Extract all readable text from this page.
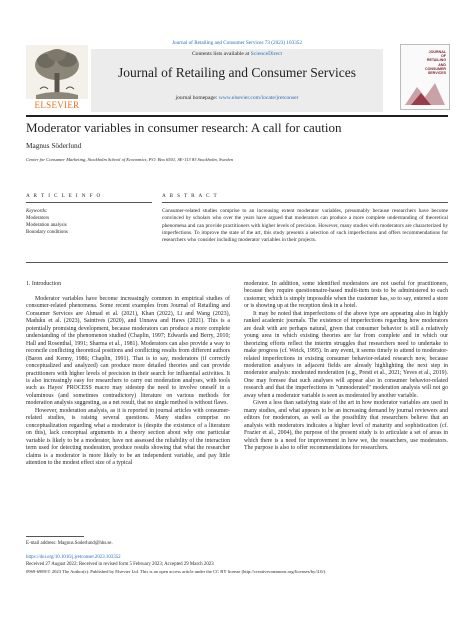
Journal of Retailing and Consumer Services 73 (2023) 103352
ELSEVIER
Contents lists available at ScienceDirect
Journal of Retailing and Consumer Services
journal homepage: www.elsevier.com/locate/jretconser
JOURNAL
OF
RETAILING
AND
CONSUMER
SERVICES
Moderator variables in consumer research: A call for caution
Magnus Söderlund
Center for Consumer Marketing, Stockholm School of Economics, P.O. Box 6501, SE-113 83 Stockholm, Sweden
A R T I C L E I N F O
Keywords:
Moderators
Moderation analysis
Boundary conditions
A B S T R A C T
Consumer-related studies comprise to an increasing extent moderator variables, presumably because researchers have become convinced by scholars who over the years have argued that moderators can produce a more complete understanding of theoretical phenomena and can provide practitioners with higher levels of precision. However, many studies with moderators are characterized by imperfections. To improve the state of the art, this study presents a selection of such imperfections and offers recommendations for researchers who consider including moderator variables in their projects.
1. Introduction

Moderator variables have become increasingly common in empirical studies of consumer-related phenomena. Some recent examples from Journal of Retailing and Consumer Services are Ahmad et al. (2021), Khan (2022), Li and Wang (2023), Maduku et al. (2023), Saintives (2020), and Unnava and Haws (2021). This is a potentially promising development, because moderators can produce a more complete understanding of the phenomenon studied (Chaplin, 1997; Edwards and Berry, 2010; Hall and Rosenthal, 1991; Sharma et al., 1981). Moderators can also provide a way to reconcile conflicting theoretical positions and conflicting results from different authors (Baron and Kenny, 1986; Chaplin, 1991). That is to say, moderators (if correctly conceptualized and analyzed) can produce more detailed theories and can provide practitioners with higher levels of precision in their search for influential activities. It is also increasingly easy for researchers to carry out moderation analyses, with tools such as Hayes' PROCESS macro may sidestep the need to involve oneself in a voluminous (and sometimes contradictory) literature on various methods for moderation analysis suggesting, as a net result, that no single method is without flaws.

However, moderation analysis, as it is reported in journal articles with consumer-related studies, is raising several questions. Many studies comprise no conceptualization regarding what a moderator is (despite the existence of a literature on this), lack conceptual arguments in a theory section about why one particular variable is likely to be a moderator, have not assessed the reliability of the interaction term used for detecting moderation, produce results showing that what the researcher claims is a moderator is more likely to be an independent variable, and pay little attention to the modest effect size of a typical

moderator. In addition, some identified moderators are not useful for practitioners, because they require questionnaire-based multi-item tests to be administered to each customer, which is simply impossible when the customer has, so to say, entered a store or is showing up at the reception desk in a hotel.

It may be noted that imperfections of the above type are appearing also in highly ranked academic journals. The existence of imperfections regarding how moderators are dealt with are perhaps natural, given that consumer behavior is still a relatively young area in which existing theories are far from complete and in which our theorizing efforts reflect the interim struggles that researchers need to undertake to make progress (cf. Weick, 1995). In any event, it seems timely to attend to moderator-related imperfections in existing consumer behavior-related research now, because moderation analyses in adjacent fields are already highlighting the next step in moderator analysis: moderated moderation (e.g., Presti et al., 2021; Yeves et al., 2019). One may foresee that such analyses will appear also in consumer behavior-related research and that the imperfections in "unmoderated" moderation analysis will not go away when a moderator variable is seen as moderated by another variable.

Given a less than satisfying state of the art in how moderator variables are used in many studies, and what appears to be an increasing demand by journal reviewers and editors for moderators, as well as the possibility that researchers believe that an analysis with moderators indicates a higher level of maturity and sophistication (cf. Frazier et al., 2004), the purpose of the present study is to articulate a set of areas in which there is a need for improvement in how we, the researchers, use moderators. The purpose is also to offer recommendations for researchers.

E-mail address: Magnus.Soderlund@hhs.se.
https://doi.org/10.1016/j.jretconser.2023.103352
Received 27 August 2022; Received in revised form 5 February 2023; Accepted 29 March 2023
0969-6989/© 2023 The Author(s). Published by Elsevier Ltd. This is an open access article under the CC BY license (http://creativecommons.org/licenses/by/4.0/).
